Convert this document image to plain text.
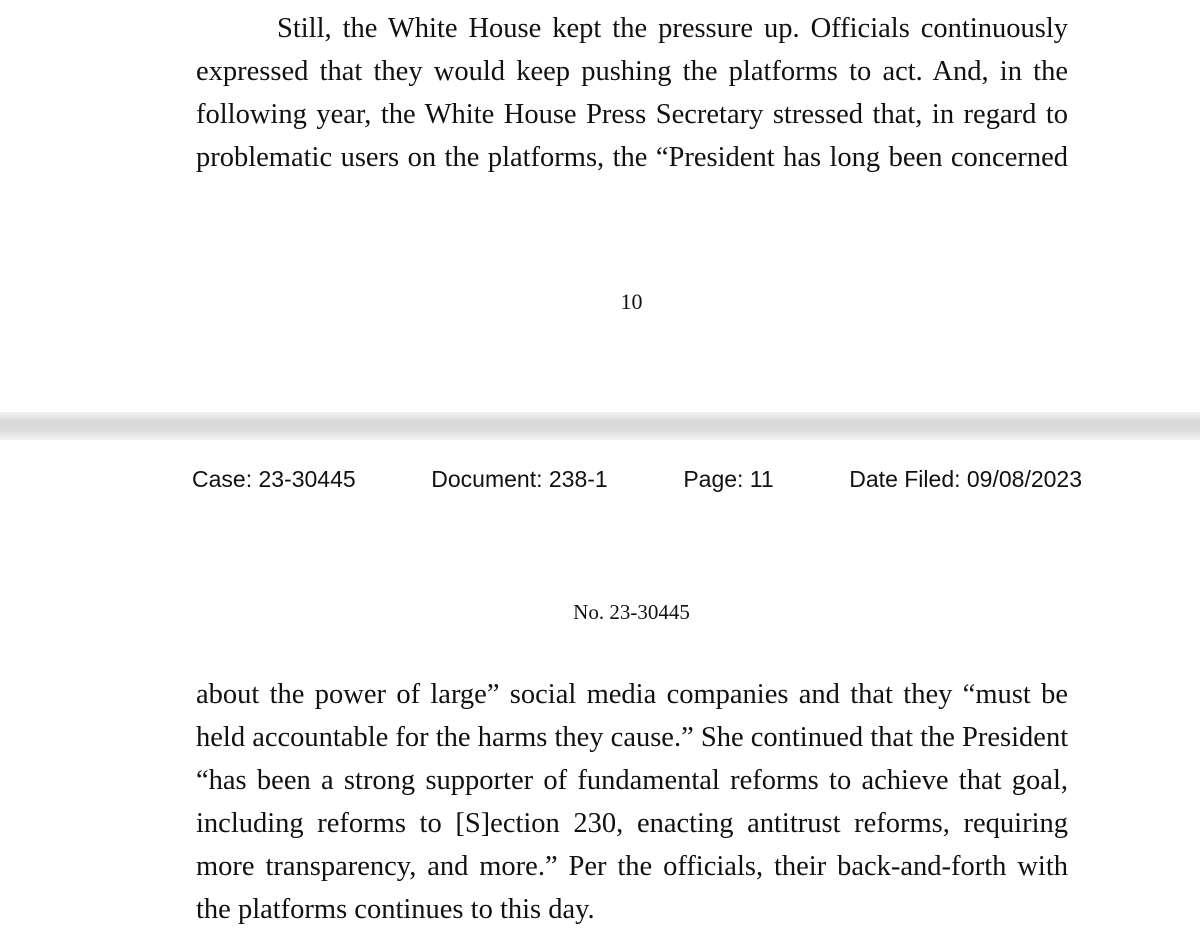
Still, the White House kept the pressure up. Officials continuously
expressed that they would keep pushing the platforms to act. And, in the
following year, the White House Press Secretary stressed that, in regard to
problematic users on the platforms, the “President has long been concerned

10
Case: 23-30445	Document: 238-1	Page: 11	Date Filed: 09/08/2023
No. 23-30445

about the power of large” social media companies and that they “must be
held accountable for the harms they cause.” She continued that the President
“has been a strong supporter of fundamental reforms to achieve that goal,
including reforms to [S]ection 230, enacting antitrust reforms, requiring
more transparency, and more.” Per the officials, their back-and-forth with
the platforms continues to this day.
